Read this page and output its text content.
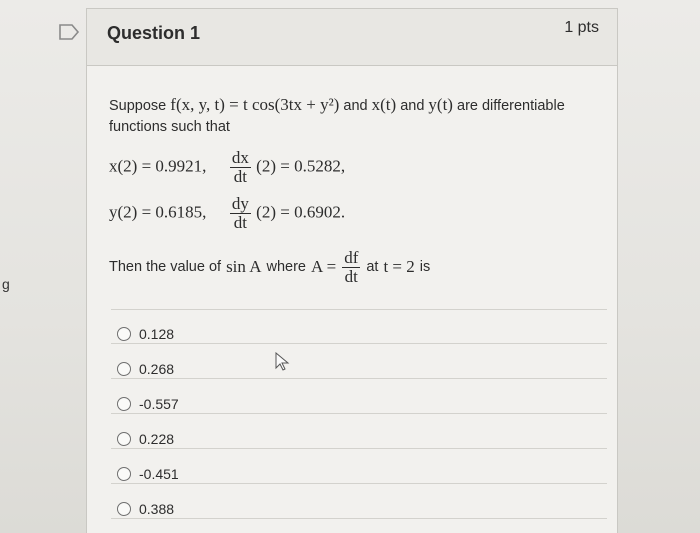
g
Question 1	1 pts
Suppose f(x, y, t) = t cos(3tx + y²) and x(t) and y(t) are differentiable
functions such that
x(2) = 0.9921, $\frac{dx}{dt} (2) = 0.5282$,
y(2) = 0.6185, $\frac{dy}{dt} (2) = 0.6902$.
Then the value of sin A where $A = \frac{df}{dt}$ at t = 2 is
0.128
0.268
-0.557
0.228
-0.451
0.388
